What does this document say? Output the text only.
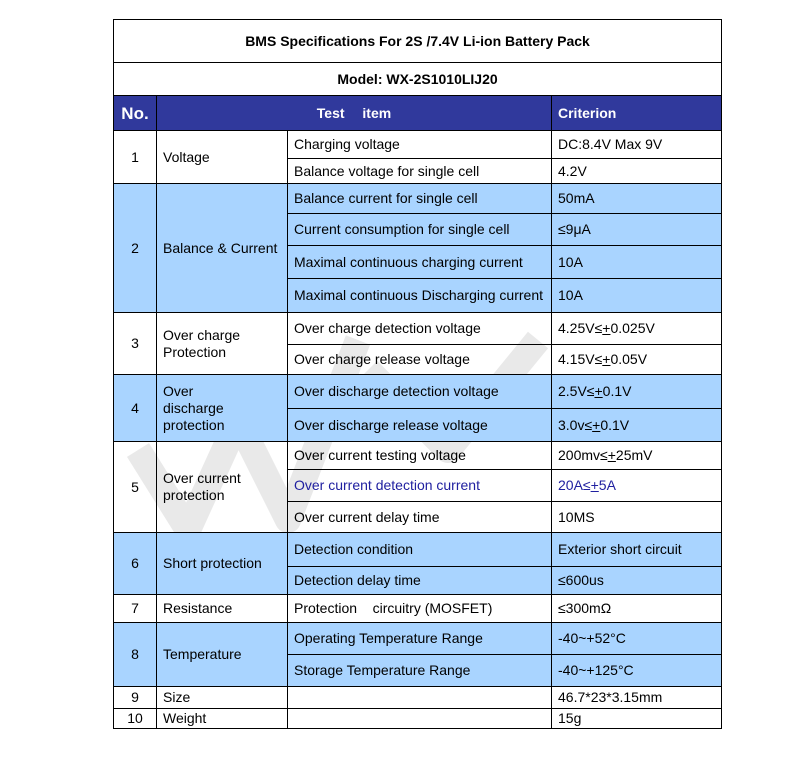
BMS Specifications For 2S /7.4V Li-ion Battery Pack			
Model: WX-2S1010LIJ20			
No.	Test item		Criterion
1	Voltage	Charging voltage	DC:8.4V Max 9V
		Balance voltage for single cell	4.2V
2	Balance & Current	Balance current for single cell	50mA
		Current consumption for single cell	≤9μA
		Maximal continuous charging current	10A
		Maximal continuous Discharging current	10A
3	Over charge Protection	Over charge detection voltage	4.25V≤+0.025V
		Over charge release voltage	4.15V≤+0.05V
4	Over discharge protection	Over discharge detection voltage	2.5V≤+0.1V
		Over discharge release voltage	3.0v≤+0.1V
5	Over current protection	Over current testing voltage	200mv≤+25mV
		Over current detection current	20A≤+5A
		Over current delay time	10MS
6	Short protection	Detection condition	Exterior short circuit
		Detection delay time	≤600us
7	Resistance	Protection    circuitry (MOSFET)	≤300mΩ
8	Temperature	Operating Temperature Range	-40~+52°C
		Storage Temperature Range	-40~+125°C
9	Size		46.7*23*3.15mm
10	Weight		15g
